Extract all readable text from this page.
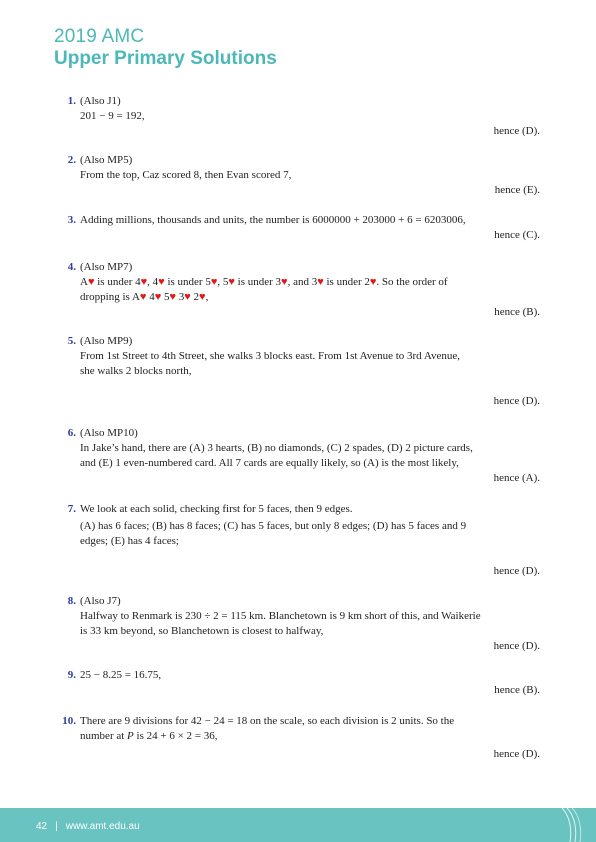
2019 AMC
Upper Primary Solutions
1. (Also J1)
201 − 9 = 192,
hence (D).
2. (Also MP5)
From the top, Caz scored 8, then Evan scored 7,
hence (E).
3. Adding millions, thousands and units, the number is 6000000 + 203000 + 6 = 6203006,
hence (C).
4. (Also MP7)
A♥ is under 4♥, 4♥ is under 5♥, 5♥ is under 3♥, and 3♥ is under 2♥. So the order of
dropping is A♥ 4♥ 5♥ 3♥ 2♥,
hence (B).
5. (Also MP9)
From 1st Street to 4th Street, she walks 3 blocks east. From 1st Avenue to 3rd Avenue,
she walks 2 blocks north,
hence (D).
6. (Also MP10)
In Jake’s hand, there are (A) 3 hearts, (B) no diamonds, (C) 2 spades, (D) 2 picture cards,
and (E) 1 even-numbered card. All 7 cards are equally likely, so (A) is the most likely,
hence (A).
7. We look at each solid, checking first for 5 faces, then 9 edges.
(A) has 6 faces; (B) has 8 faces; (C) has 5 faces, but only 8 edges; (D) has 5 faces and 9
edges; (E) has 4 faces;
hence (D).
8. (Also J7)
Halfway to Renmark is 230 ÷ 2 = 115 km. Blanchetown is 9 km short of this, and Waikerie
is 33 km beyond, so Blanchetown is closest to halfway,
hence (D).
9. 25 − 8.25 = 16.75,
hence (B).
10. There are 9 divisions for 42 − 24 = 18 on the scale, so each division is 2 units. So the
number at P is 24 + 6 × 2 = 36,
hence (D).
42 | www.amt.edu.au
